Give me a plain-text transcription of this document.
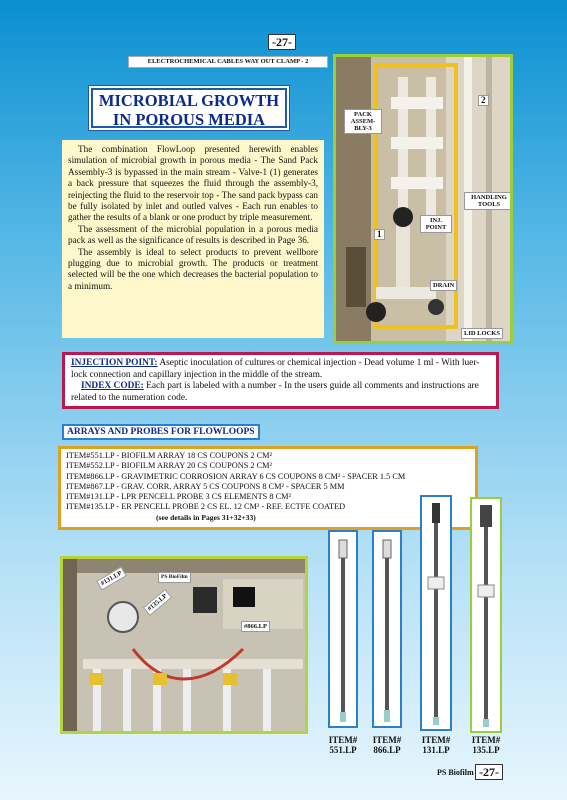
-27-
ELECTROCHEMICAL CABLES WAY OUT CLAMP - 2
MICROBIAL GROWTH
IN POROUS MEDIA

The combination FlowLoop presented herewith enables simulation of microbial growth in porous media - The Sand Pack Assembly-3 is bypassed in the main stream - Valve-1 (1) generates a back pressure that squeezes the fluid through the assembly-3, reinjecting the fluid to the reservoir top - The sand pack bypass can be fully isolated by inlet and outled valves - Each run enables to gather the results of a blank or one product by triple measurement.

The assessment of the microbial population in a porous media pack as well as the significance of results is described in Page 36.

The assembly is ideal to select products to prevent wellbore plugging due to microbial growth. The products or treatment selected will be the one which decreases the bacterial population to a minimum.

PACK ASSEM-BLY-3
2
HANDLING TOOLS
INJ. POINT
1
DRAIN
LID LOCKS
INJECTION POINT: Aseptic inoculation of cultures or chemical injection - Dead volume 1 ml - With luer-lock connection and capillary injection in the middle of the stream.
INDEX CODE: Each part is labeled with a number - In the users guide all comments and instructions are related to the numeration code.
ARRAYS AND PROBES FOR FLOWLOOPS
ITEM#551.LP - BIOFILM ARRAY 18 CS COUPONS 2 CM²
ITEM#552.LP - BIOFILM ARRAY 20 CS COUPONS 2 CM²
ITEM#866.LP - GRAVIMETRIC CORROSION ARRAY 6 CS COUPONS 8 CM² - SPACER 1.5 CM
ITEM#867.LP - GRAV. CORR. ARRAY 5 CS COUPONS 8 CM² - SPACER 5 MM
ITEM#131.LP - LPR PENCELL PROBE 3 CS ELEMENTS 8 CM²
ITEM#135.LP - ER PENCELL PROBE 2 CS EL. 12 CM² - REF. ECTFE COATED
(see details in Pages 31+32+33)
#131.LP
#135.LP
#866.LP
PS BioFilm
ITEM#
551.LP
ITEM#
866.LP
ITEM#
131.LP
ITEM#
135.LP
PS Biofilm -27-
